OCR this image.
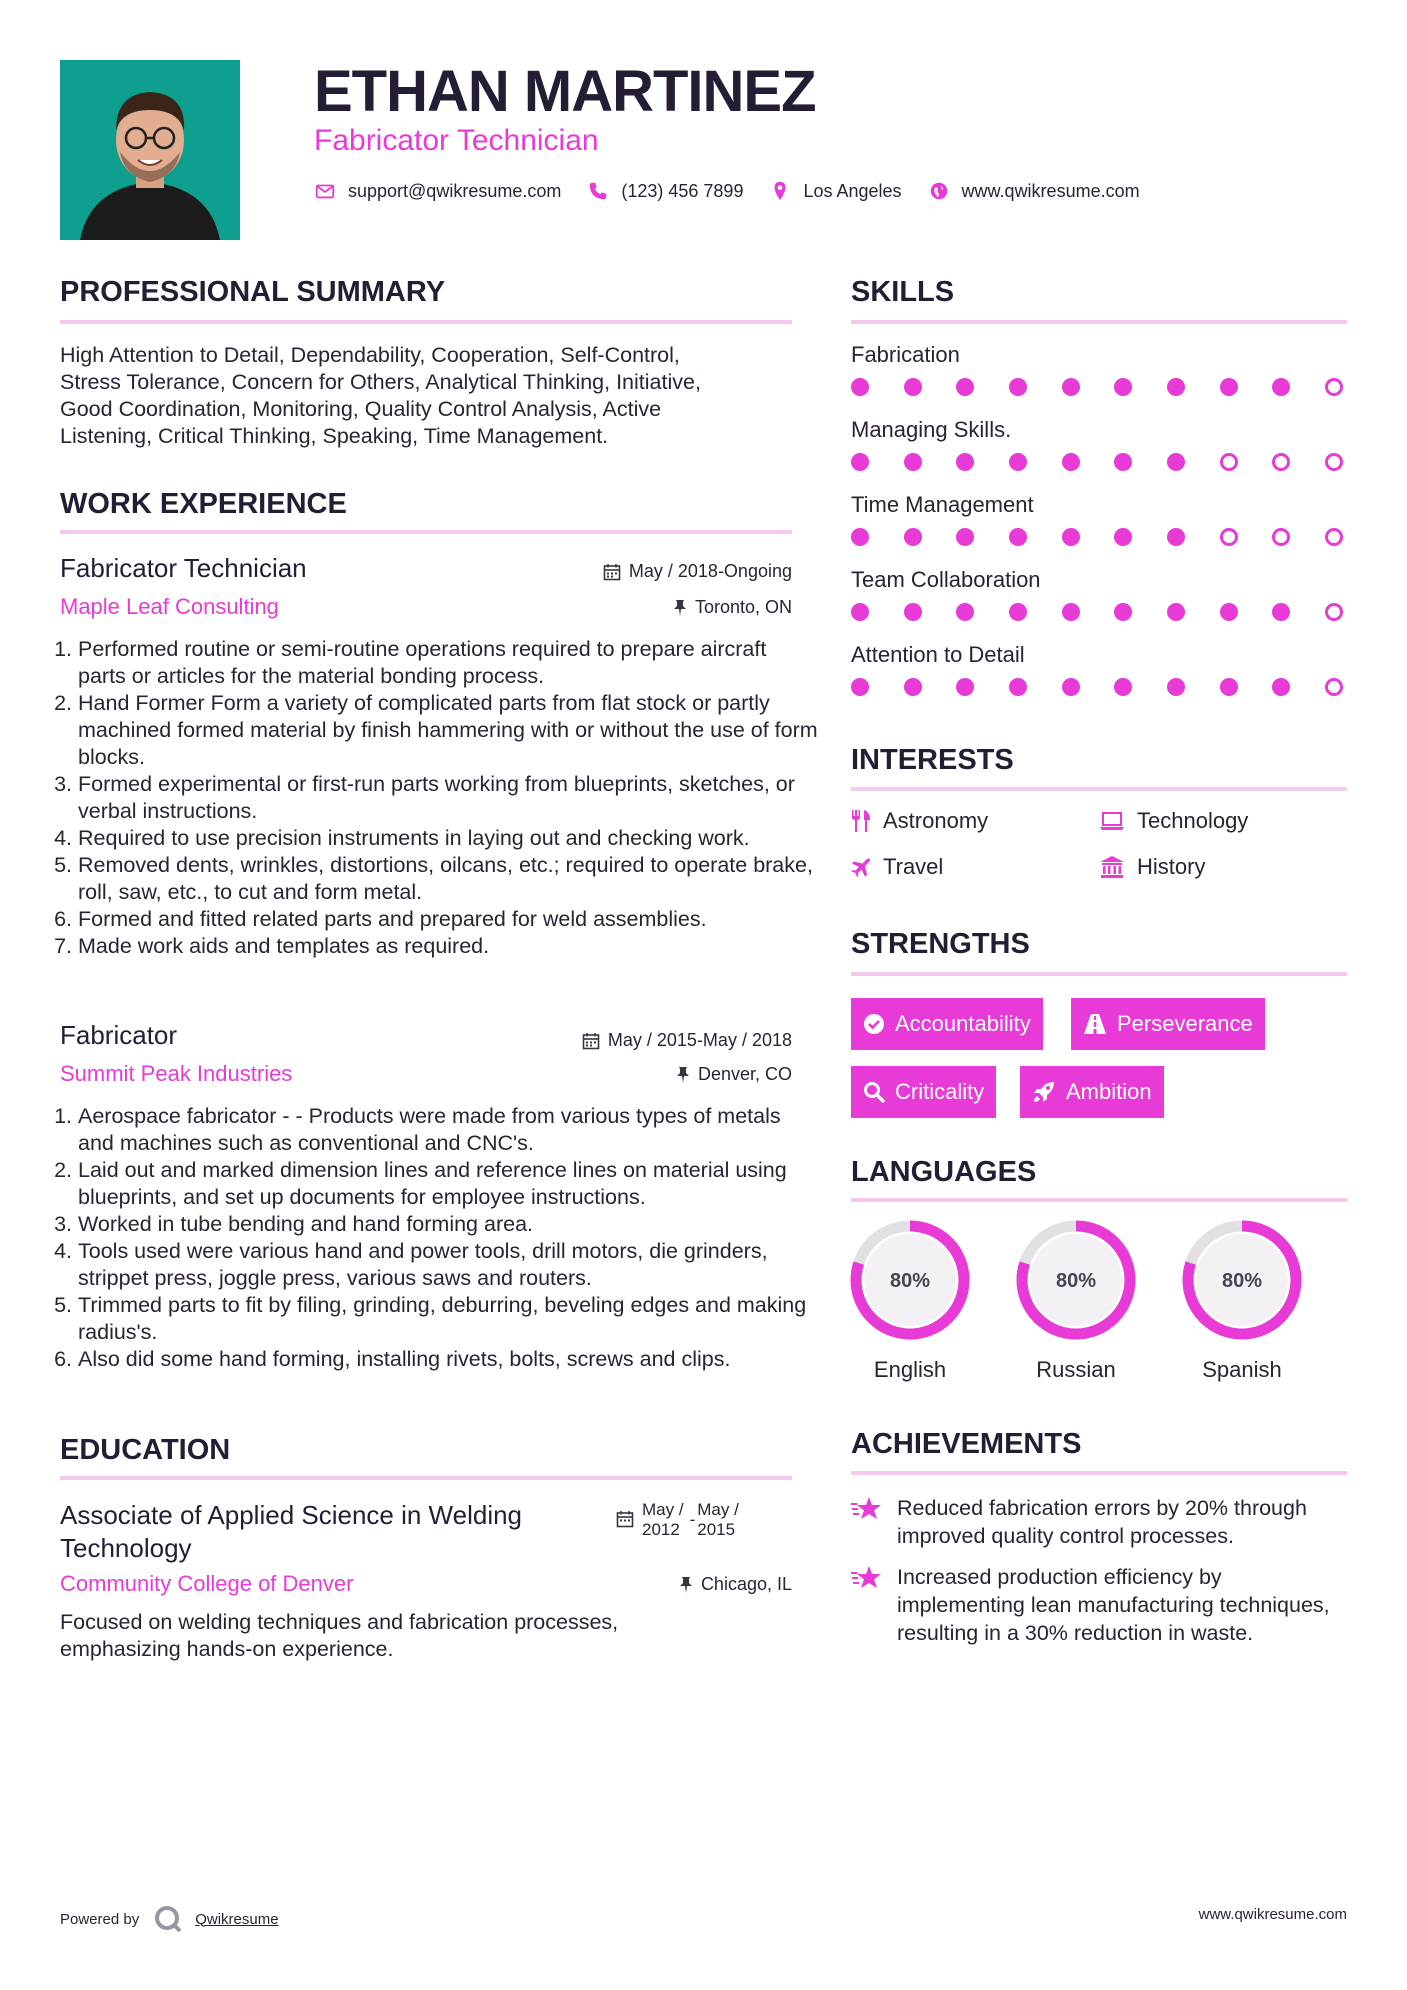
ETHAN MARTINEZ
Fabricator Technician
support@qwikresume.com	(123) 456 7899	Los Angeles	www.qwikresume.com
PROFESSIONAL SUMMARY
High Attention to Detail, Dependability, Cooperation, Self-Control,
Stress Tolerance, Concern for Others, Analytical Thinking, Initiative,
Good Coordination, Monitoring, Quality Control Analysis, Active
Listening, Critical Thinking, Speaking, Time Management.
WORK EXPERIENCE
Fabricator Technician	May / 2018-Ongoing
Maple Leaf Consulting	Toronto, ON
1. Performed routine or semi-routine operations required to prepare aircraft parts or articles for the material bonding process.
2. Hand Former Form a variety of complicated parts from flat stock or partly machined formed material by finish hammering with or without the use of form blocks.
3. Formed experimental or first-run parts working from blueprints, sketches, or verbal instructions.
4. Required to use precision instruments in laying out and checking work.
5. Removed dents, wrinkles, distortions, oilcans, etc.; required to operate brake, roll, saw, etc., to cut and form metal.
6. Formed and fitted related parts and prepared for weld assemblies.
7. Made work aids and templates as required.
Fabricator	May / 2015-May / 2018
Summit Peak Industries	Denver, CO
1. Aerospace fabricator - - Products were made from various types of metals and machines such as conventional and CNC's.
2. Laid out and marked dimension lines and reference lines on material using blueprints, and set up documents for employee instructions.
3. Worked in tube bending and hand forming area.
4. Tools used were various hand and power tools, drill motors, die grinders, strippet press, joggle press, various saws and routers.
5. Trimmed parts to fit by filing, grinding, deburring, beveling edges and making radius's.
6. Also did some hand forming, installing rivets, bolts, screws and clips.
EDUCATION
Associate of Applied Science in Welding
Technology
May /
2012
-
May /
2015
Community College of Denver	Chicago, IL
Focused on welding techniques and fabrication processes,
emphasizing hands-on experience.
SKILLS
Fabrication
Managing Skills.
Time Management
Team Collaboration
Attention to Detail
INTERESTS
Astronomy	Technology
Travel	History
STRENGTHS
Accountability	Perseverance
Criticality	Ambition
LANGUAGES
80%
English
80%
Russian
80%
Spanish
ACHIEVEMENTS
Reduced fabrication errors by 20% through improved quality control processes.
Increased production efficiency by implementing lean manufacturing techniques, resulting in a 30% reduction in waste.
Powered by	Qwikresume	www.qwikresume.com
